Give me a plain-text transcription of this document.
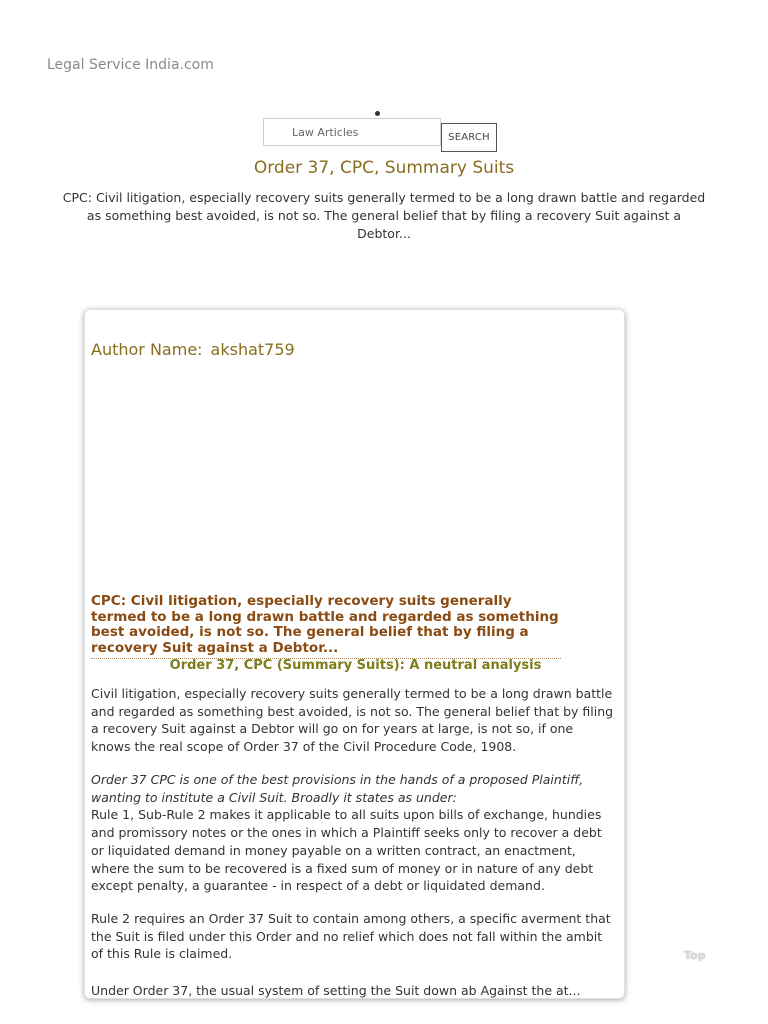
Legal Service India.com
Law Articles
SEARCH
Order 37, CPC, Summary Suits

CPC: Civil litigation, especially recovery suits generally termed to be a long drawn battle and regarded as something best avoided, is not so. The general belief that by filing a recovery Suit against a Debtor...

Author Name: akshat759

CPC: Civil litigation, especially recovery suits generally termed to be a long drawn battle and regarded as something best avoided, is not so. The general belief that by filing a recovery Suit against a Debtor...

Order 37, CPC (Summary Suits): A neutral analysis

Civil litigation, especially recovery suits generally termed to be a long drawn battle and regarded as something best avoided, is not so. The general belief that by filing a recovery Suit against a Debtor will go on for years at large, is not so, if one knows the real scope of Order 37 of the Civil Procedure Code, 1908.

Order 37 CPC is one of the best provisions in the hands of a proposed Plaintiff, wanting to institute a Civil Suit. Broadly it states as under:
Rule 1, Sub-Rule 2 makes it applicable to all suits upon bills of exchange, hundies and promissory notes or the ones in which a Plaintiff seeks only to recover a debt or liquidated demand in money payable on a written contract, an enactment, where the sum to be recovered is a fixed sum of money or in nature of any debt except penalty, a guarantee - in respect of a debt or liquidated demand.

Rule 2 requires an Order 37 Suit to contain among others, a specific averment that the Suit is filed under this Order and no relief which does not fall within the ambit of this Rule is claimed.

Under Order 37, the usual system of setting the Suit down ab Against the at...

Top
